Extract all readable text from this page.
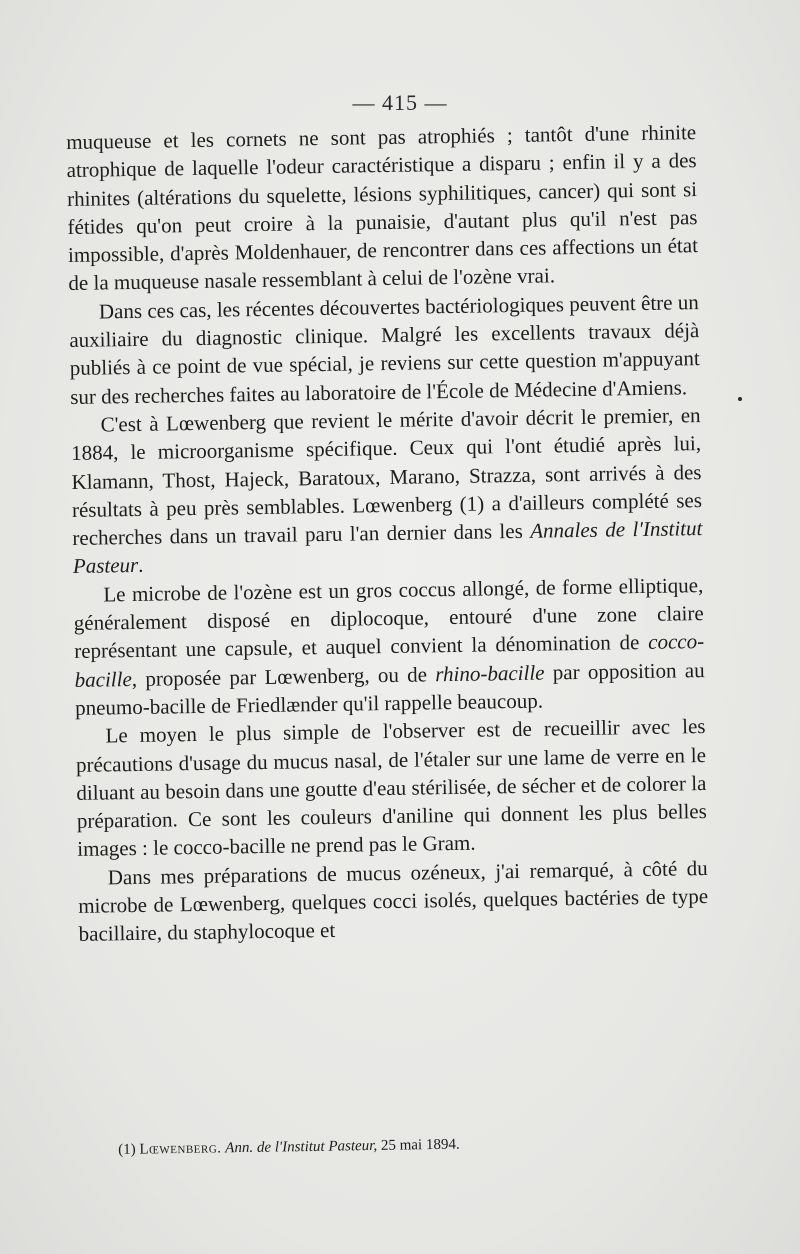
— 415 —

muqueuse et les cornets ne sont pas atrophiés ; tantôt d'une rhinite atrophique de laquelle l'odeur caractéristique a disparu ; enfin il y a des rhinites (altérations du squelette, lésions syphilitiques, cancer) qui sont si fétides qu'on peut croire à la punaisie, d'autant plus qu'il n'est pas impossible, d'après Moldenhauer, de rencontrer dans ces affections un état de la muqueuse nasale ressemblant à celui de l'ozène vrai.

Dans ces cas, les récentes découvertes bactériologiques peuvent être un auxiliaire du diagnostic clinique. Malgré les excellents travaux déjà publiés à ce point de vue spécial, je reviens sur cette question m'appuyant sur des recherches faites au laboratoire de l'École de Médecine d'Amiens.

C'est à Lœwenberg que revient le mérite d'avoir décrit le premier, en 1884, le microorganisme spécifique. Ceux qui l'ont étudié après lui, Klamann, Thost, Hajeck, Baratoux, Marano, Strazza, sont arrivés à des résultats à peu près semblables. Lœwenberg (1) a d'ailleurs complété ses recherches dans un travail paru l'an dernier dans les Annales de l'Institut Pasteur.

Le microbe de l'ozène est un gros coccus allongé, de forme elliptique, généralement disposé en diplocoque, entouré d'une zone claire représentant une capsule, et auquel convient la dénomination de cocco-bacille, proposée par Lœwenberg, ou de rhino-bacille par opposition au pneumo-bacille de Friedlænder qu'il rappelle beaucoup.

Le moyen le plus simple de l'observer est de recueillir avec les précautions d'usage du mucus nasal, de l'étaler sur une lame de verre en le diluant au besoin dans une goutte d'eau stérilisée, de sécher et de colorer la préparation. Ce sont les couleurs d'aniline qui donnent les plus belles images : le cocco-bacille ne prend pas le Gram.

Dans mes préparations de mucus ozéneux, j'ai remarqué, à côté du microbe de Lœwenberg, quelques cocci isolés, quelques bactéries de type bacillaire, du staphylocoque et

(1) Lœwenberg. Ann. de l'Institut Pasteur, 25 mai 1894.
